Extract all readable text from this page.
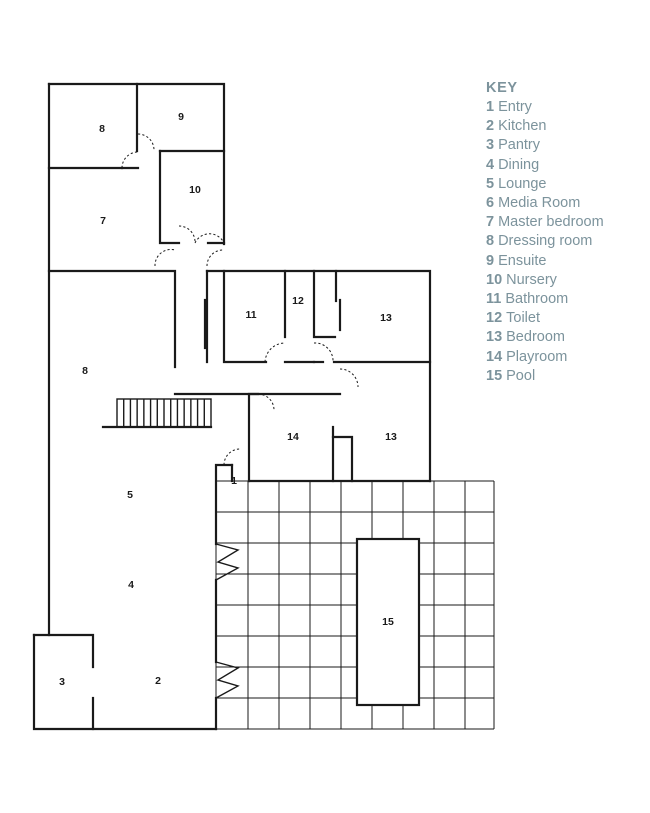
8
9
10
7
11
12
13
8
14	13
1
5
4
3	2
15
KEY
1 Entry
2 Kitchen
3 Pantry
4 Dining
5 Lounge
6 Media Room
7 Master bedroom
8 Dressing room
9 Ensuite
10 Nursery
11 Bathroom
12 Toilet
13 Bedroom
14 Playroom
15 Pool
